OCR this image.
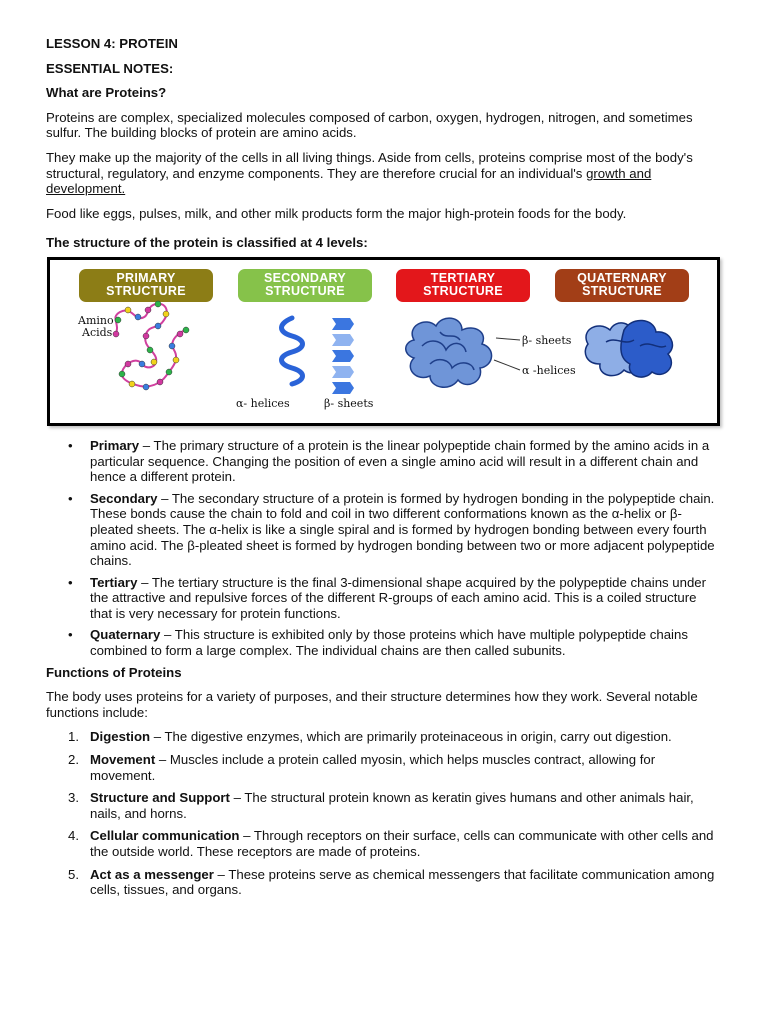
LESSON 4: PROTEIN
ESSENTIAL NOTES:
What are Proteins?

Proteins are complex, specialized molecules composed of carbon, oxygen, hydrogen, nitrogen, and sometimes sulfur. The building blocks of protein are amino acids.

They make up the majority of the cells in all living things. Aside from cells, proteins comprise most of the body's structural, regulatory, and enzyme components. They are therefore crucial for an individual's growth and development.

Food like eggs, pulses, milk, and other milk products form the major high-protein foods for the body.

The structure of the protein is classified at 4 levels:
PRIMARY
STRUCTURE
SECONDARY
STRUCTURE
TERTIARY
STRUCTURE
QUATERNARY
STRUCTURE
Amino
Acids
α- helices	β- sheets
β- sheets
α -helices
• Primary – The primary structure of a protein is the linear polypeptide chain formed by the amino acids in a particular sequence. Changing the position of even a single amino acid will result in a different chain and hence a different protein.
• Secondary – The secondary structure of a protein is formed by hydrogen bonding in the polypeptide chain. These bonds cause the chain to fold and coil in two different conformations known as the α-helix or β-pleated sheets. The α-helix is like a single spiral and is formed by hydrogen bonding between every fourth amino acid. The β-pleated sheet is formed by hydrogen bonding between two or more adjacent polypeptide chains.
• Tertiary – The tertiary structure is the final 3-dimensional shape acquired by the polypeptide chains under the attractive and repulsive forces of the different R-groups of each amino acid. This is a coiled structure that is very necessary for protein functions.
• Quaternary – This structure is exhibited only by those proteins which have multiple polypeptide chains combined to form a large complex. The individual chains are then called subunits.
Functions of Proteins

The body uses proteins for a variety of purposes, and their structure determines how they work. Several notable functions include:

1. Digestion – The digestive enzymes, which are primarily proteinaceous in origin, carry out digestion.
2. Movement – Muscles include a protein called myosin, which helps muscles contract, allowing for movement.
3. Structure and Support – The structural protein known as keratin gives humans and other animals hair, nails, and horns.
4. Cellular communication – Through receptors on their surface, cells can communicate with other cells and the outside world. These receptors are made of proteins.
5. Act as a messenger – These proteins serve as chemical messengers that facilitate communication among cells, tissues, and organs.
